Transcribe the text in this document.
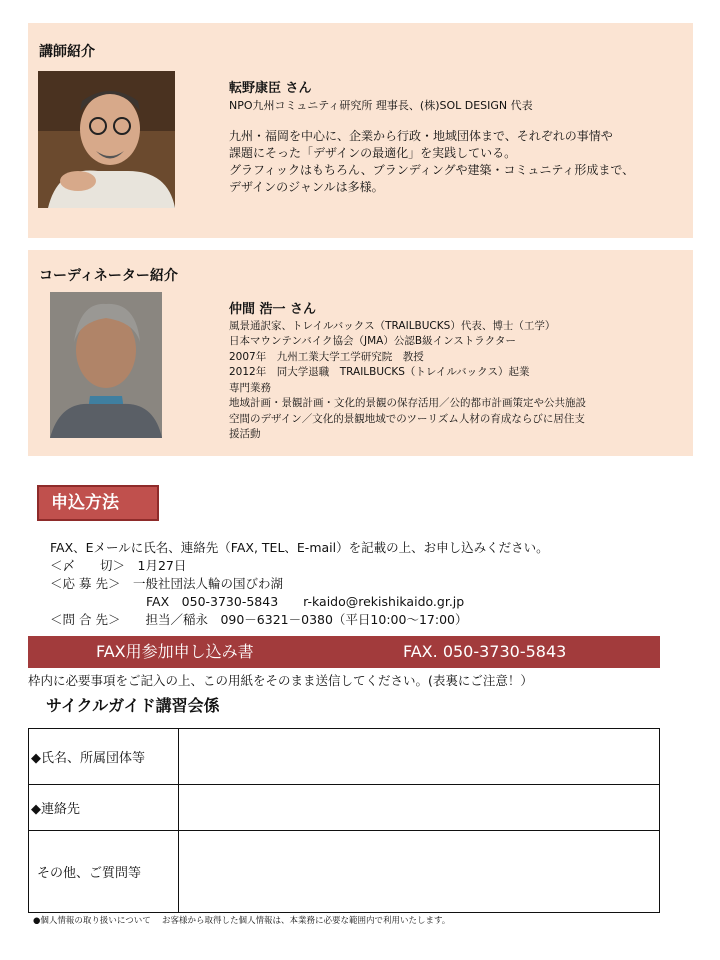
講師紹介
転野康臣 さん
NPO九州コミュニティ研究所 理事長、(株)SOL DESIGN 代表
九州・福岡を中心に、企業から行政・地域団体まで、それぞれの事情や
課題にそった「デザインの最適化」を実践している。
グラフィックはもちろん、ブランディングや建築・コミュニティ形成まで、
デザインのジャンルは多様。
コーディネーター紹介
仲間 浩一 さん
風景通訳家、トレイルバックス（TRAILBUCKS）代表、博士（工学）
日本マウンテンバイク協会（JMA）公認B級インストラクター
2007年　九州工業大学工学研究院　教授
2012年　同大学退職　TRAILBUCKS（トレイルバックス）起業
専門業務
地域計画・景観計画・文化的景観の保存活用／公的都市計画策定や公共施設
空間のデザイン／文化的景観地域でのツーリズム人材の育成ならびに居住支
援活動
申込方法
FAX、Eメールに氏名、連絡先（FAX, TEL、E-mail）を記載の上、お申し込みください。
＜〆　　切＞　1月27日
＜応 募 先＞　一般社団法人輪の国びわ湖
FAX　050-3730-5843　　r-kaido@rekishikaido.gr.jp
＜問 合 先＞　　担当／稲永　090－6321－0380（平日10:00〜17:00）
FAX用参加申し込み書	FAX. 050-3730-5843
枠内に必要事項をご記入の上、この用紙をそのまま送信してください。(表裏にご注意！）
サイクルガイド講習会係
◆氏名、所属団体等
◆連絡先
その他、ご質問等
●個人情報の取り扱いについて　 お客様から取得した個人情報は、本業務に必要な範囲内で利用いたします。
